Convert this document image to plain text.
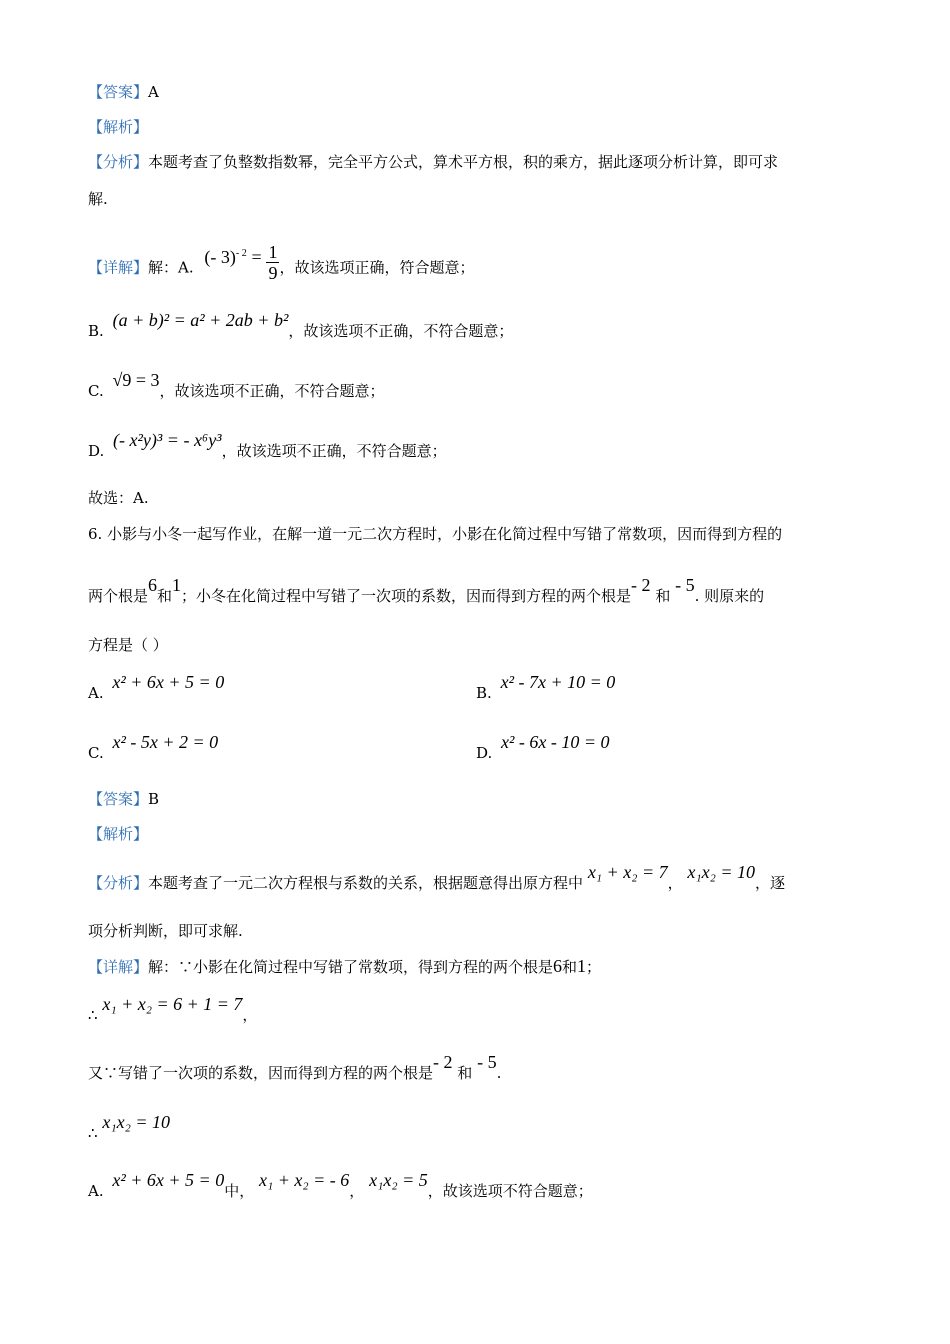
【答案】A
【解析】
【分析】本题考查了负整数指数幂，完全平方公式，算术平方根，积的乘方，据此逐项分析计算，即可求
解.
【详解】解：A. (- $3)^{- 2} = \frac{1}{9}$ ，故该选项正确，符合题意；
B. (a + b)² = a² + 2ab + b²，故该选项不正确，不符合题意；
C. √9 = 3，故该选项不正确，不符合题意；
D. (- x²y)³ = - x⁶y³，故该选项不正确，不符合题意；
故选：A.
6. 小影与小冬一起写作业，在解一道一元二次方程时，小影在化简过程中写错了常数项，因而得到方程的
两个根是6和1；小冬在化简过程中写错了一次项的系数，因而得到方程的两个根是- 2 和 - 5. 则原来的
方程是（ ）
A. x² + 6x + 5 = 0
B. x² - 7x + 10 = 0
C. x² - 5x + 2 = 0
D. x² - 6x - 10 = 0
【答案】B
【解析】
【分析】本题考查了一元二次方程根与系数的关系，根据题意得出原方程中 x₁ + x₂ = 7， x₁x₂ = 10，逐
项分析判断，即可求解.
【详解】解：∵小影在化简过程中写错了常数项，得到方程的两个根是6和1；
∴ x₁ + x₂ = 6 + 1 = 7，
又∵写错了一次项的系数，因而得到方程的两个根是- 2 和 - 5.
∴ x₁x₂ = 10
A. x² + 6x + 5 = 0中， x₁ + x₂ = - 6， x₁x₂ = 5，故该选项不符合题意；
